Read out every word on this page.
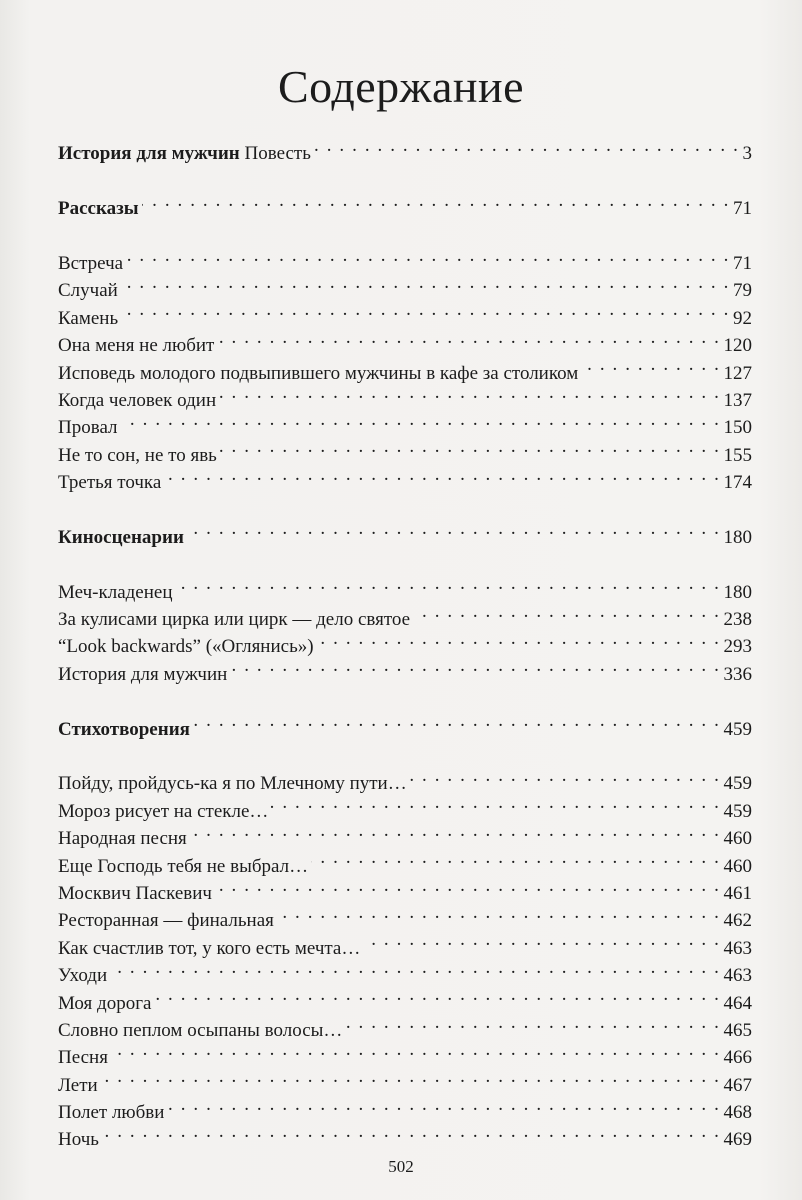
Содержание
История для мужчин Повесть . . .	3
Рассказы . . .	71
Встреча . . .	71
Случай . . .	79
Камень . . .	92
Она меня не любит . . .	120
Исповедь молодого подвыпившего мужчины в кафе за столиком . . .	127
Когда человек один . . .	137
Провал . . .	150
Не то сон, не то явь . . .	155
Третья точка . . .	174
Киносценарии . . .	180
Меч-кладенец . . .	180
За кулисами цирка или цирк — дело святое . . .	238
“Look backwards” («Оглянись») . . .	293
История для мужчин . . .	336
Стихотворения . . .	459
Пойду, пройдусь-ка я по Млечному пути… . . .	459
Мороз рисует на стекле… . . .	459
Народная песня . . .	460
Еще Господь тебя не выбрал… . . .	460
Москвич Паскевич . . .	461
Ресторанная — финальная . . .	462
Как счастлив тот, у кого есть мечта… . . .	463
Уходи . . .	463
Моя дорога . . .	464
Словно пеплом осыпаны волосы… . . .	465
Песня . . .	466
Лети . . .	467
Полет любви . . .	468
Ночь . . .	469
502
